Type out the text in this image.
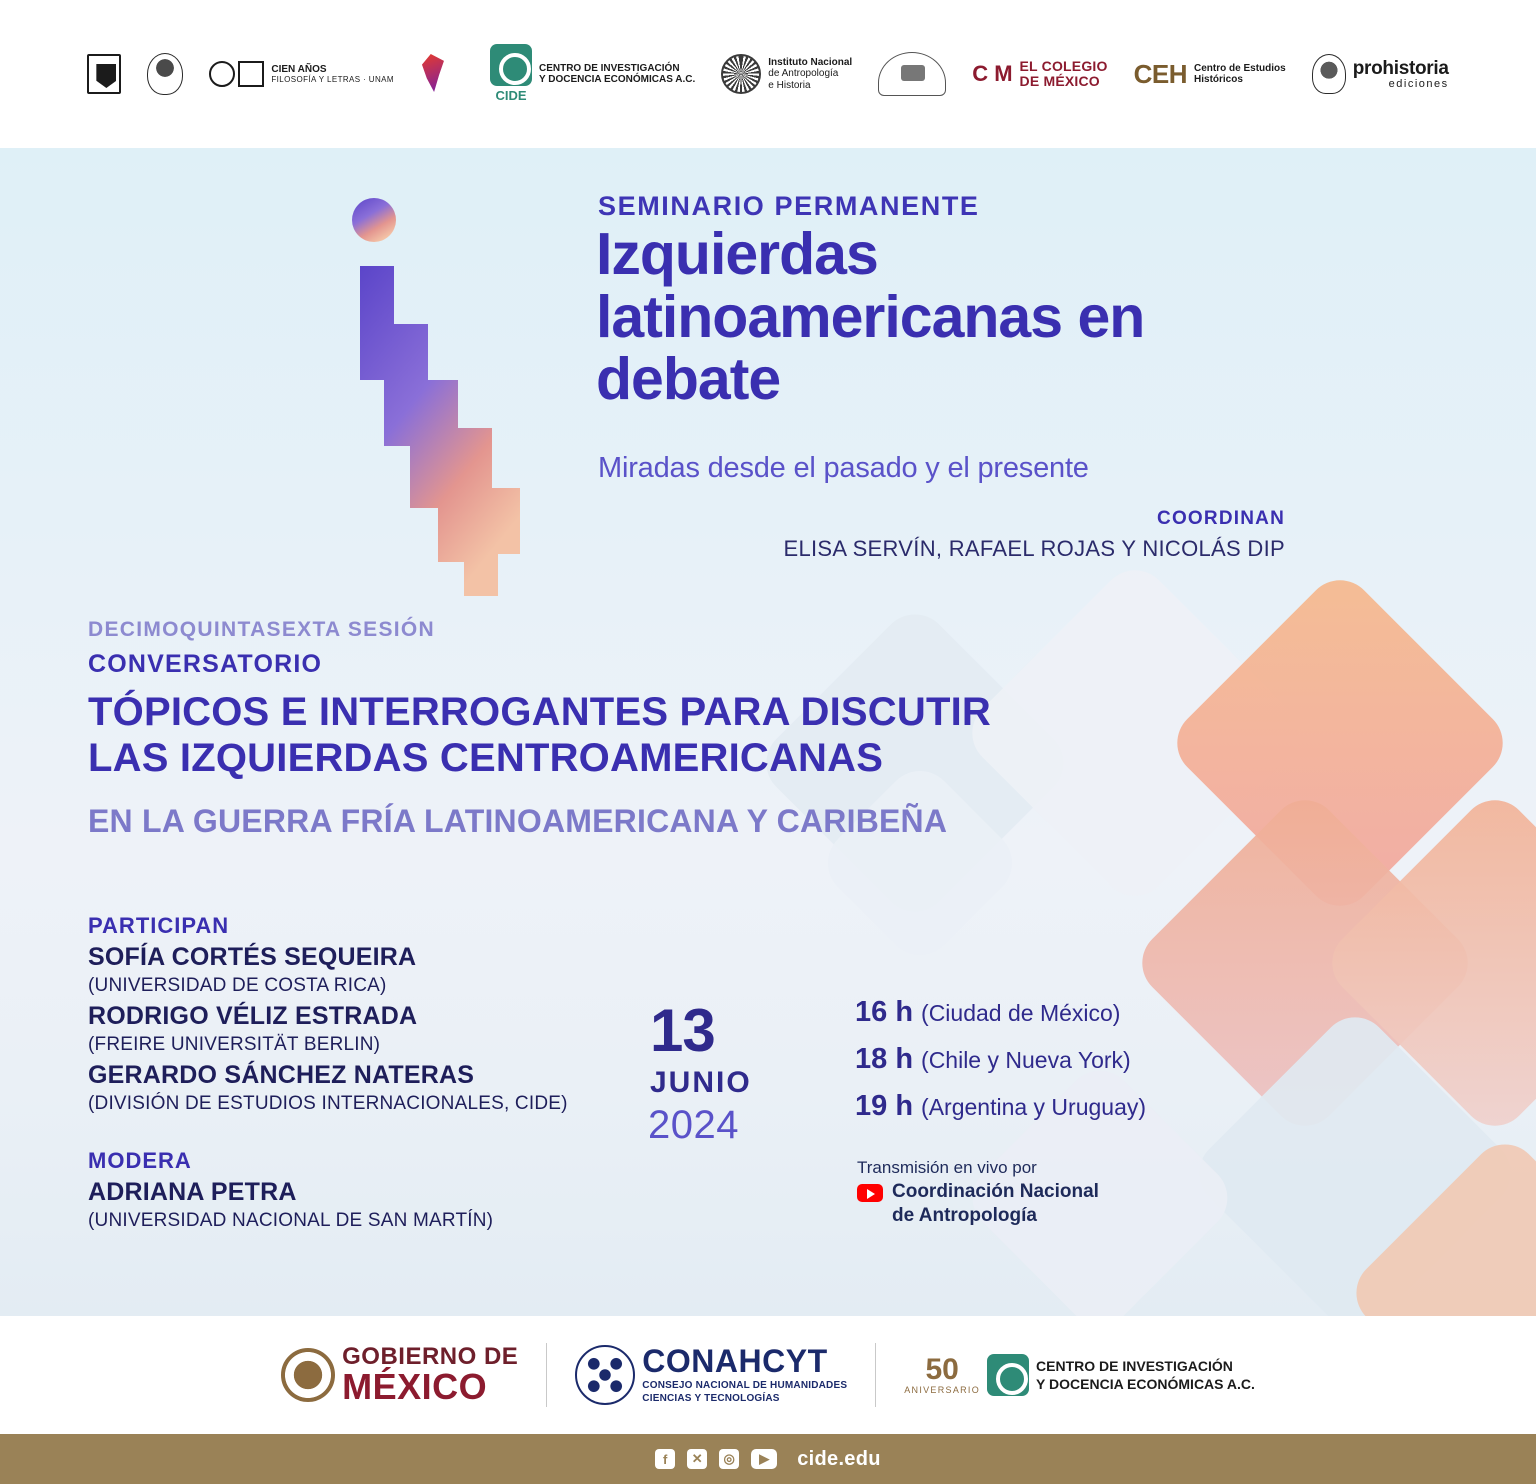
CIEN AÑOS
FILOSOFÍA Y LETRAS · UNAM
CIDE
CENTRO DE INVESTIGACIÓN
Y DOCENCIA ECONÓMICAS A.C.
Instituto Nacional
de Antropología
e Historia	C M EL COLEGIO
DE MÉXICO CEH Centro de Estudios
Históricos
prohistoria
ediciones
SEMINARIO PERMANENTE
Izquierdas latinoamericanas en debate
Miradas desde el pasado y el presente
COORDINAN
ELISA SERVÍN, RAFAEL ROJAS Y NICOLÁS DIP
DECIMOQUINTASEXTA SESIÓN
CONVERSATORIO
TÓPICOS E INTERROGANTES PARA DISCUTIR
LAS IZQUIERDAS CENTROAMERICANAS
EN LA GUERRA FRÍA LATINOAMERICANA Y CARIBEÑA
PARTICIPAN
SOFÍA CORTÉS SEQUEIRA
(UNIVERSIDAD DE COSTA RICA)
RODRIGO VÉLIZ ESTRADA
(FREIRE UNIVERSITÄT BERLIN)
GERARDO SÁNCHEZ NATERAS
(DIVISIÓN DE ESTUDIOS INTERNACIONALES, CIDE)
MODERA
ADRIANA PETRA
(UNIVERSIDAD NACIONAL DE SAN MARTÍN)
13
JUNIO
2024
16 h (Ciudad de México)
18 h (Chile y Nueva York)
19 h (Argentina y Uruguay)
Transmisión en vivo por
Coordinación Nacional
de Antropología
GOBIERNO DE
MÉXICO
CONAHCYT
CONSEJO NACIONAL DE HUMANIDADES
CIENCIAS Y TECNOLOGÍAS
50
ANIVERSARIO
CENTRO DE INVESTIGACIÓN
Y DOCENCIA ECONÓMICAS A.C.
f	✕	◎	▶	cide.edu
